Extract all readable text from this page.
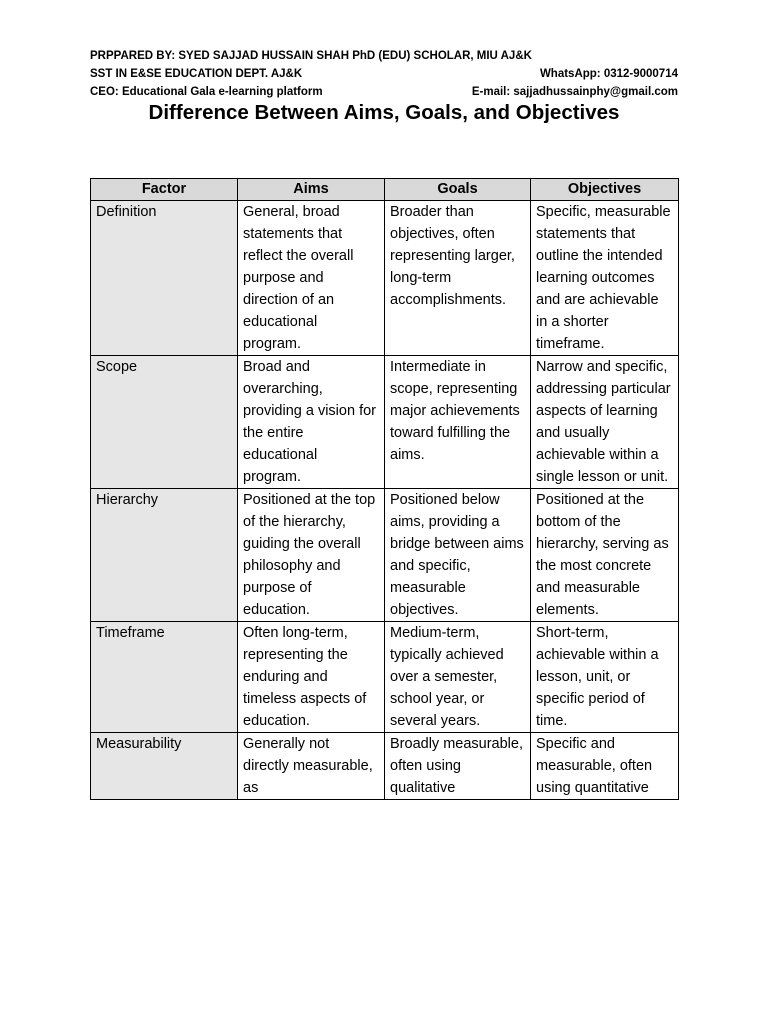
PRPPARED BY: SYED SAJJAD HUSSAIN SHAH PhD (EDU) SCHOLAR, MIU AJ&K
SST IN E&SE EDUCATION DEPT. AJ&K	WhatsApp: 0312-9000714
CEO: Educational Gala e-learning platform	E-mail: sajjadhussainphy@gmail.com
Difference Between Aims, Goals, and Objectives
Factor	Aims	Goals	Objectives
Definition	General, broad statements that reflect the overall purpose and direction of an educational program.	Broader than objectives, often representing larger, long-term accomplishments.	Specific, measurable statements that outline the intended learning outcomes and are achievable in a shorter timeframe.
Scope	Broad and overarching, providing a vision for the entire educational program.	Intermediate in scope, representing major achievements toward fulfilling the aims.	Narrow and specific, addressing particular aspects of learning and usually achievable within a single lesson or unit.
Hierarchy	Positioned at the top of the hierarchy, guiding the overall philosophy and purpose of education.	Positioned below aims, providing a bridge between aims and specific, measurable objectives.	Positioned at the bottom of the hierarchy, serving as the most concrete and measurable elements.
Timeframe	Often long-term, representing the enduring and timeless aspects of education.	Medium-term, typically achieved over a semester, school year, or several years.	Short-term, achievable within a lesson, unit, or specific period of time.

Measurability	Generally not directly measurable, as	Broadly measurable, often using qualitative	Specific and measurable, often using quantitative
